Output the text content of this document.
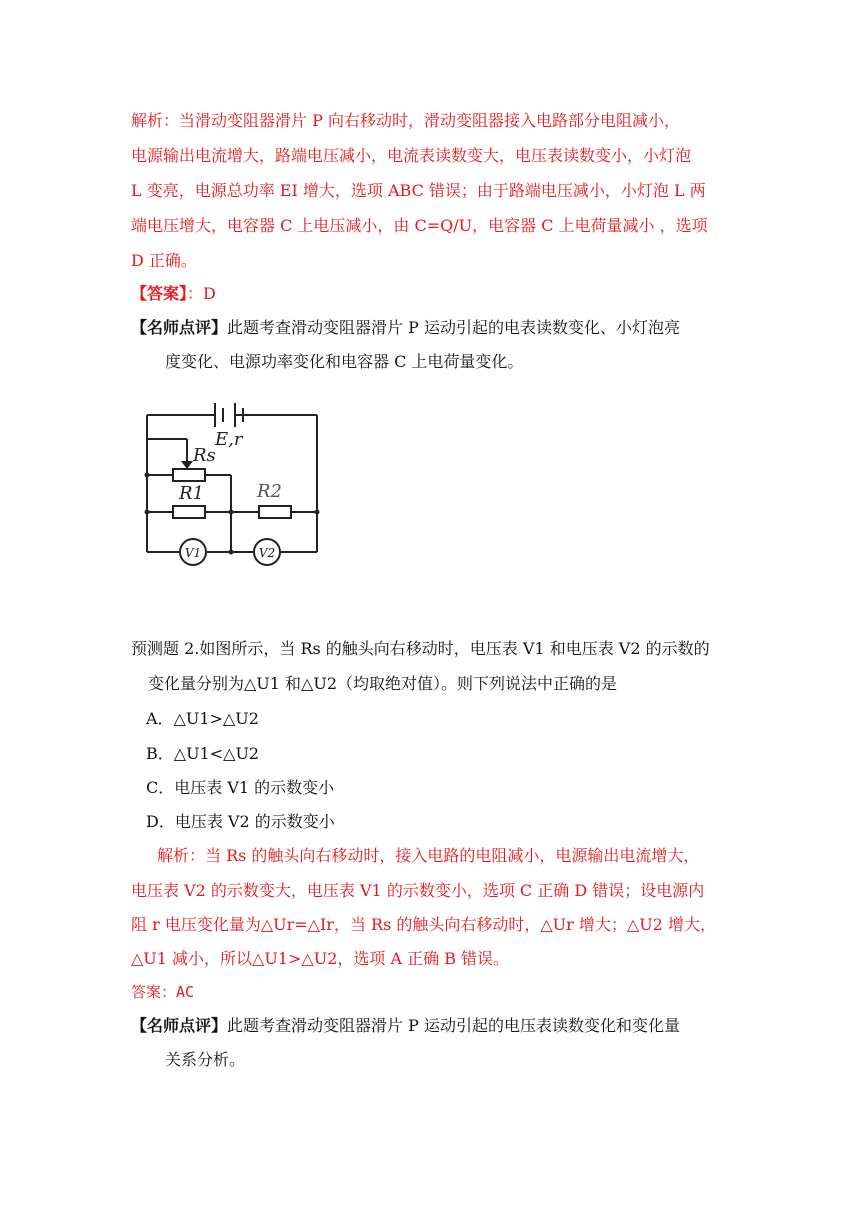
解析：当滑动变阻器滑片 P 向右移动时，滑动变阻器接入电路部分电阻减小，
电源输出电流增大，路端电压减小，电流表读数变大，电压表读数变小，小灯泡
L 变亮，电源总功率 EI 增大，选项 ABC 错误；由于路端电压减小，小灯泡 L 两
端电压增大，电容器 C 上电压减小，由 C=Q/U，电容器 C 上电荷量减小 ，选项
D 正确。
【答案】：D
【名师点评】此题考查滑动变阻器滑片 P 运动引起的电表读数变化、小灯泡亮
度变化、电源功率变化和电容器 C 上电荷量变化。
E,r
Rs
R1	R2
V1	V2
预测题 2.如图所示，当 Rs 的触头向右移动时，电压表 V1 和电压表 V2 的示数的
变化量分别为△U1 和△U2（均取绝对值）。则下列说法中正确的是
A．△U1>△U2
B．△U1<△U2
C．电压表 V1 的示数变小
D．电压表 V2 的示数变小
解析：当 Rs 的触头向右移动时，接入电路的电阻减小，电源输出电流增大，
电压表 V2 的示数变大，电压表 V1 的示数变小，选项 C 正确 D 错误；设电源内
阻 r 电压变化量为△Ur=△Ir，当 Rs 的触头向右移动时，△Ur 增大；△U2 增大，
△U1 减小，所以△U1>△U2，选项 A 正确 B 错误。
答案：AC
【名师点评】此题考查滑动变阻器滑片 P 运动引起的电压表读数变化和变化量
关系分析。
